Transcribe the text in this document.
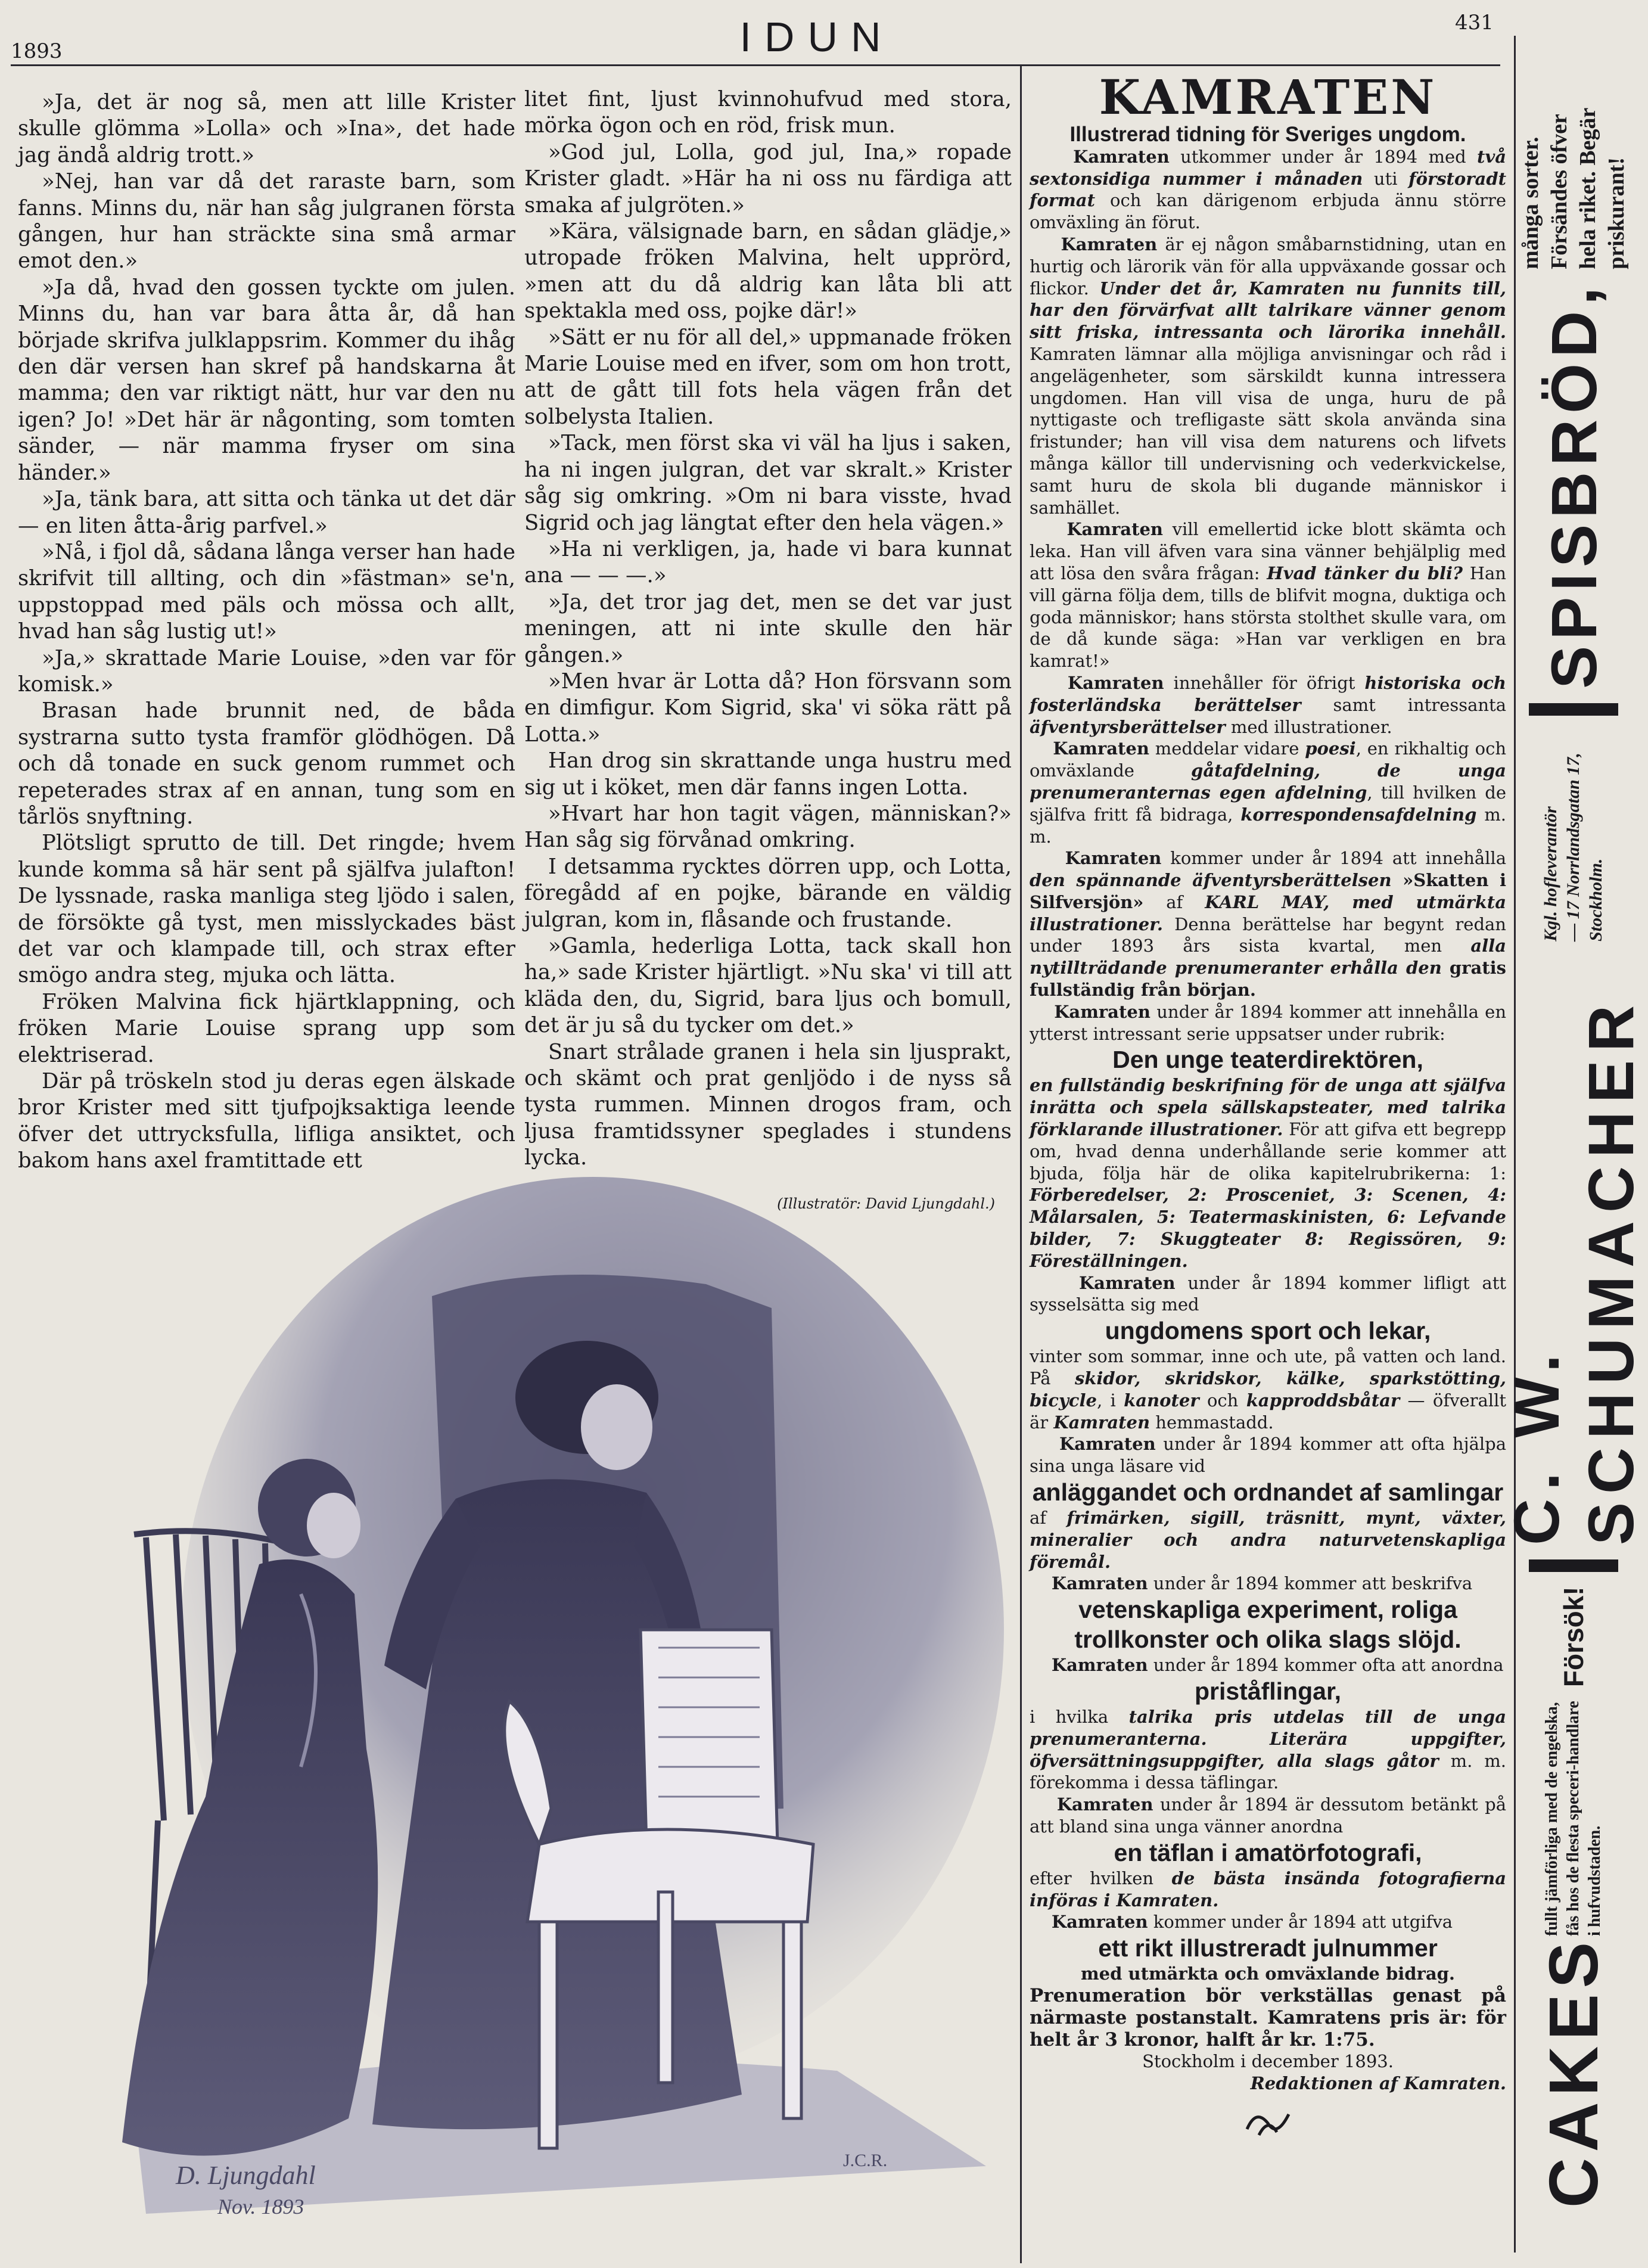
1893	IDUN	431

»Ja, det är nog så, men att lille Krister skulle glömma »Lolla» och »Ina», det hade jag ändå aldrig trott.»

»Nej, han var då det raraste barn, som fanns. Minns du, när han såg julgranen första gången, hur han sträckte sina små armar emot den.»

»Ja då, hvad den gossen tyckte om julen. Minns du, han var bara åtta år, då han började skrifva julklappsrim. Kommer du ihåg den där versen han skref på handskarna åt mamma; den var riktigt nätt, hur var den nu igen? Jo! »Det här är någonting, som tomten sänder, — när mamma fryser om sina händer.»

»Ja, tänk bara, att sitta och tänka ut det där — en liten åtta-årig parfvel.»

»Nå, i fjol då, sådana långa verser han hade skrifvit till allting, och din »fästman» se'n, uppstoppad med päls och mössa och allt, hvad han såg lustig ut!»

»Ja,» skrattade Marie Louise, »den var för komisk.»

Brasan hade brunnit ned, de båda systrarna sutto tysta framför glödhögen. Då och då tonade en suck genom rummet och repeterades strax af en annan, tung som en tårlös snyftning.

Plötsligt sprutto de till. Det ringde; hvem kunde komma så här sent på själfva julafton! De lyssnade, raska manliga steg ljödo i salen, de försökte gå tyst, men misslyckades bäst det var och klampade till, och strax efter smögo andra steg, mjuka och lätta.

Fröken Malvina fick hjärtklappning, och fröken Marie Louise sprang upp som elektriserad.

Där på tröskeln stod ju deras egen älskade bror Krister med sitt tjufpojksaktiga leende öfver det uttrycksfulla, lifliga ansiktet, och bakom hans axel framtittade ett

litet fint, ljust kvinnohufvud med stora, mörka ögon och en röd, frisk mun.

»God jul, Lolla, god jul, Ina,» ropade Krister gladt. »Här ha ni oss nu färdiga att smaka af julgröten.»

»Kära, välsignade barn, en sådan glädje,» utropade fröken Malvina, helt upprörd, »men att du då aldrig kan låta bli att spektakla med oss, pojke där!»

»Sätt er nu för all del,» uppmanade fröken Marie Louise med en ifver, som om hon trott, att de gått till fots hela vägen från det solbelysta Italien.

»Tack, men först ska vi väl ha ljus i saken, ha ni ingen julgran, det var skralt.» Krister såg sig omkring. »Om ni bara visste, hvad Sigrid och jag längtat efter den hela vägen.»

»Ha ni verkligen, ja, hade vi bara kunnat ana — — —.»

»Ja, det tror jag det, men se det var just meningen, att ni inte skulle den här gången.»

»Men hvar är Lotta då? Hon försvann som en dimfigur. Kom Sigrid, ska' vi söka rätt på Lotta.»

Han drog sin skrattande unga hustru med sig ut i köket, men där fanns ingen Lotta.

»Hvart har hon tagit vägen, människan?» Han såg sig förvånad omkring.

I detsamma rycktes dörren upp, och Lotta, föregådd af en pojke, bärande en väldig julgran, kom in, flåsande och frustande.

»Gamla, hederliga Lotta, tack skall hon ha,» sade Krister hjärtligt. »Nu ska' vi till att kläda den, du, Sigrid, bara ljus och bomull, det är ju så du tycker om det.»

Snart strålade granen i hela sin ljusprakt, och skämt och prat genljödo i de nyss så tysta rummen. Minnen drogos fram, och ljusa framtidssyner speglades i stundens lycka.

(Illustratör: David Ljungdahl.)
D. Ljungdahl
Nov. 1893
J.C.R.
KAMRATEN
Illustrerad tidning för Sveriges ungdom.

Kamraten utkommer under år 1894 med två sextonsidiga nummer i månaden uti förstoradt format och kan därigenom erbjuda ännu större omväxling än förut.

Kamraten är ej någon småbarnstidning, utan en hurtig och lärorik vän för alla uppväxande gossar och flickor. Under det år, Kamraten nu funnits till, har den förvärfvat allt talrikare vänner genom sitt friska, intressanta och lärorika innehåll. Kamraten lämnar alla möjliga anvisningar och råd i angelägenheter, som särskildt kunna intressera ungdomen. Han vill visa de unga, huru de på nyttigaste och trefligaste sätt skola använda sina fristunder; han vill visa dem naturens och lifvets många källor till undervisning och vederkvickelse, samt huru de skola bli dugande människor i samhället.

Kamraten vill emellertid icke blott skämta och leka. Han vill äfven vara sina vänner behjälplig med att lösa den svåra frågan: Hvad tänker du bli? Han vill gärna följa dem, tills de blifvit mogna, duktiga och goda människor; hans största stolthet skulle vara, om de då kunde säga: »Han var verkligen en bra kamrat!»

Kamraten innehåller för öfrigt historiska och fosterländska berättelser samt intressanta äfventyrsberättelser med illustrationer.

Kamraten meddelar vidare poesi, en rikhaltig och omväxlande gåtafdelning, de unga prenumeranternas egen afdelning, till hvilken de själfva fritt få bidraga, korrespondensafdelning m. m.

Kamraten kommer under år 1894 att innehålla den spännande äfventyrsberättelsen »Skatten i Silfversjön» af KARL MAY, med utmärkta illustrationer. Denna berättelse har begynt redan under 1893 års sista kvartal, men alla nytillträdande prenumeranter erhålla den gratis fullständig från början.

Kamraten under år 1894 kommer att innehålla en ytterst intressant serie uppsatser under rubrik:

Den unge teaterdirektören,

en fullständig beskrifning för de unga att själfva inrätta och spela sällskapsteater, med talrika förklarande illustrationer. För att gifva ett begrepp om, hvad denna underhållande serie kommer att bjuda, följa här de olika kapitelrubrikerna: 1: Förberedelser, 2: Prosceniet, 3: Scenen, 4: Målarsalen, 5: Teatermaskinisten, 6: Lefvande bilder, 7: Skuggteater 8: Regissören, 9: Föreställningen.

Kamraten under år 1894 kommer lifligt att sysselsätta sig med

ungdomens sport och lekar,

vinter som sommar, inne och ute, på vatten och land. På skidor, skridskor, kälke, sparkstötting, bicycle, i kanoter och kapproddsbåtar — öfverallt är Kamraten hemmastadd.

Kamraten under år 1894 kommer att ofta hjälpa sina unga läsare vid

anläggandet och ordnandet af samlingar

af frimärken, sigill, träsnitt, mynt, växter, mineralier och andra naturvetenskapliga föremål.

Kamraten under år 1894 kommer att beskrifva

vetenskapliga experiment, roliga trollkonster och olika slags slöjd.

Kamraten under år 1894 kommer ofta att anordna

priståflingar,

i hvilka talrika pris utdelas till de unga prenumeranterna. Literära uppgifter, öfversättningsuppgifter, alla slags gåtor m. m. förekomma i dessa täflingar.

Kamraten under år 1894 är dessutom betänkt på att bland sina unga vänner anordna

en täflan i amatörfotografi,

efter hvilken de bästa insända fotografierna införas i Kamraten.

Kamraten kommer under år 1894 att utgifva

ett rikt illustreradt julnummer

med utmärkta och omväxlande bidrag.

Prenumeration bör verkställas genast på närmaste postanstalt. Kamratens pris är: för helt år 3 kronor, halft år kr. 1:75.

Stockholm i december 1893.

Redaktionen af Kamraten. CAKES
fullt jämförliga med de engelska, fås hos de flesta speceri-handlare i hufvudstaden.
Försök!
C. W. SCHUMACHER
Kgl. hofleverantör — 17 Norrlandsgatan 17, Stockholm.
SPISBRÖD,
många sorter. Försändes öfver hela riket. Begär priskurant!
